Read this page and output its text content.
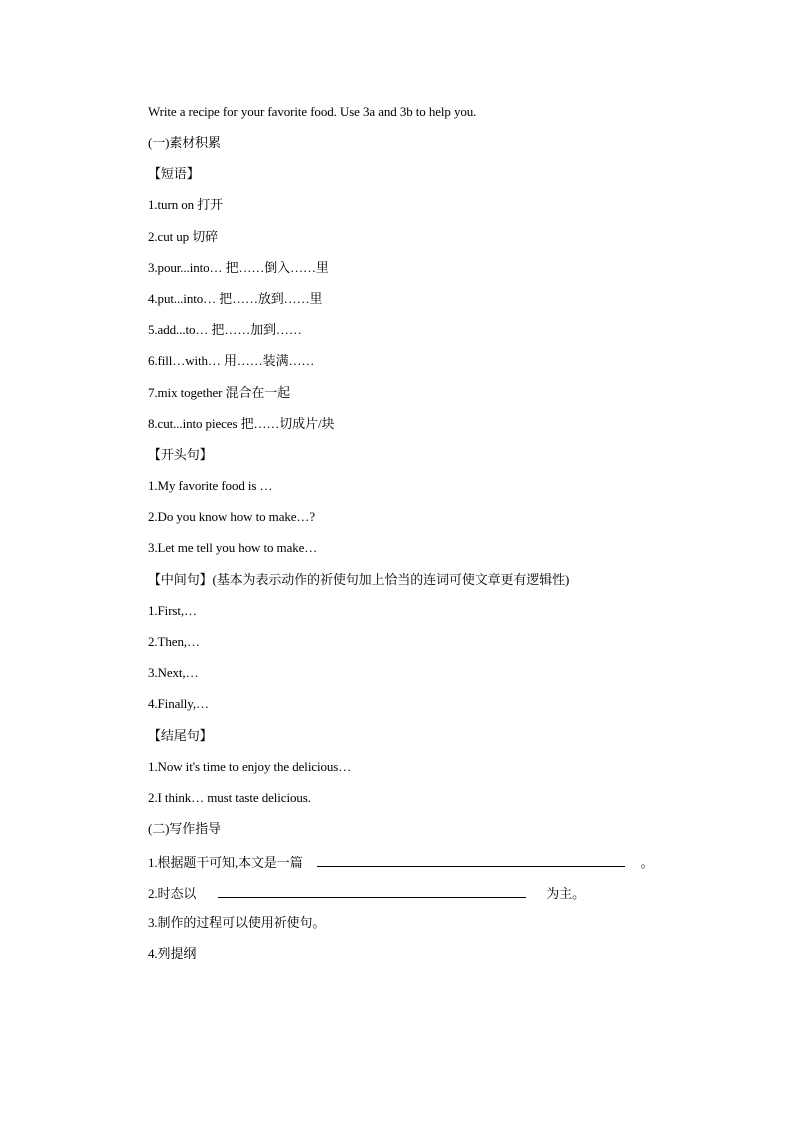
Write a recipe for your favorite food. Use 3a and 3b to help you.
(一)素材积累
【短语】
1.turn on 打开
2.cut up 切碎
3.pour...into… 把……倒入……里
4.put...into… 把……放到……里
5.add...to… 把……加到……
6.fill…with… 用……装满……
7.mix together 混合在一起
8.cut...into pieces 把……切成片/块
【开头句】
1.My favorite food is …
2.Do you know how to make…?
3.Let me tell you how to make…
【中间句】(基本为表示动作的祈使句加上恰当的连词可使文章更有逻辑性)
1.First,…
2.Then,…
3.Next,…
4.Finally,…
【结尾句】
1.Now it's time to enjoy the delicious…
2.I think… must taste delicious.
(二)写作指导
1.根据题干可知,本文是一篇	。
2.时态以	为主。
3.制作的过程可以使用祈使句。
4.列提纲
